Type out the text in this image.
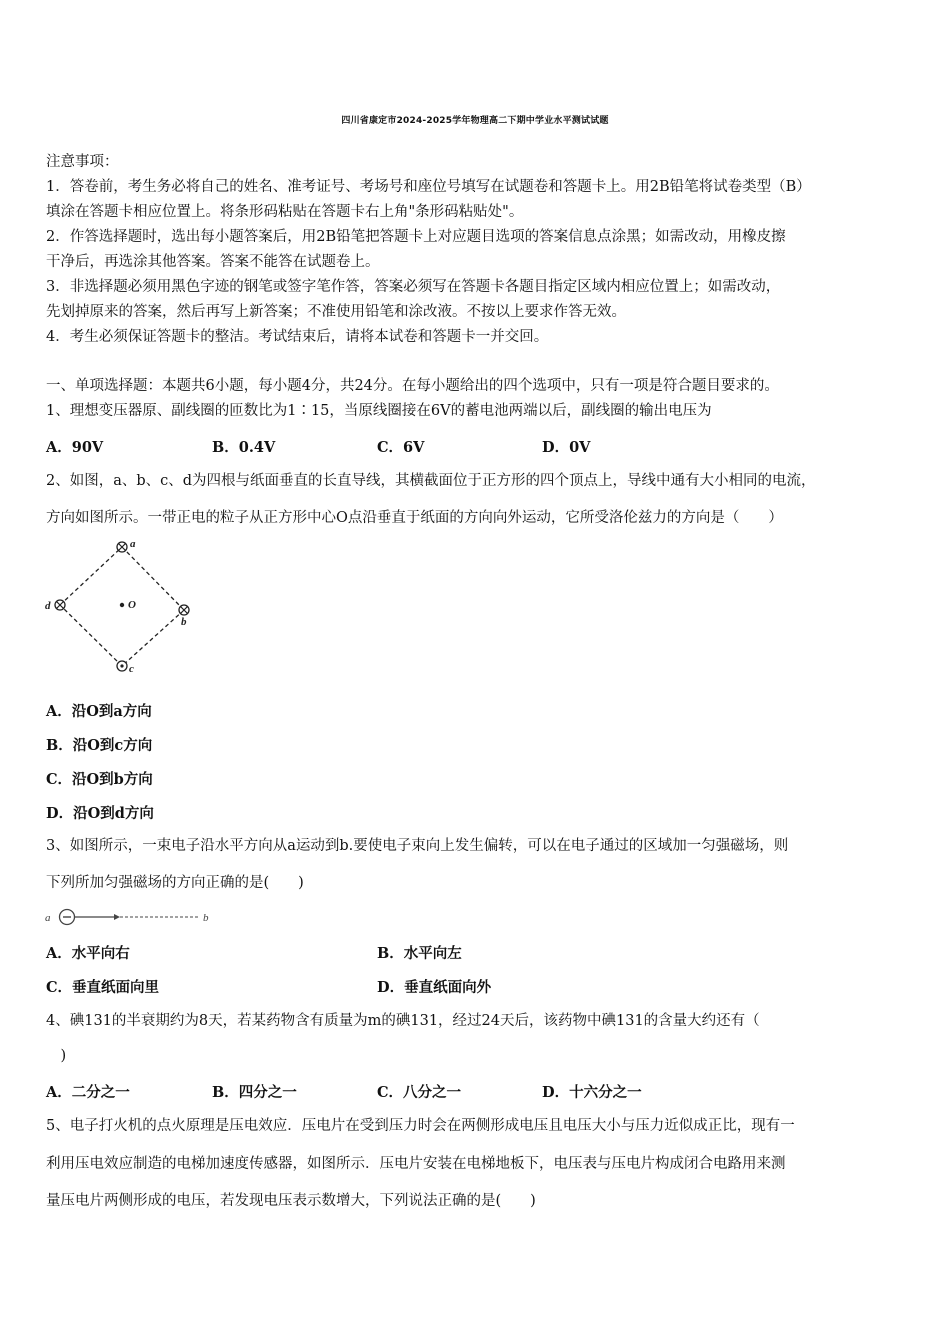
四川省康定市2024-2025学年物理高二下期中学业水平测试试题
注意事项：
1．答卷前，考生务必将自己的姓名、准考证号、考场号和座位号填写在试题卷和答题卡上。用2B铅笔将试卷类型（B）
填涂在答题卡相应位置上。将条形码粘贴在答题卡右上角"条形码粘贴处"。
2．作答选择题时，选出每小题答案后，用2B铅笔把答题卡上对应题目选项的答案信息点涂黑；如需改动，用橡皮擦
干净后，再选涂其他答案。答案不能答在试题卷上。
3．非选择题必须用黑色字迹的钢笔或签字笔作答，答案必须写在答题卡各题目指定区域内相应位置上；如需改动，
先划掉原来的答案，然后再写上新答案；不准使用铅笔和涂改液。不按以上要求作答无效。
4．考生必须保证答题卡的整洁。考试结束后，请将本试卷和答题卡一并交回。
一、单项选择题：本题共6小题，每小题4分，共24分。在每小题给出的四个选项中，只有一项是符合题目要求的。
1、理想变压器原、副线圈的匝数比为1∶15，当原线圈接在6V的蓄电池两端以后，副线圈的输出电压为
A．90V	B．0.4V	C．6V	D．0V
2、如图，a、b、c、d为四根与纸面垂直的长直导线，其横截面位于正方形的四个顶点上，导线中通有大小相同的电流，
方向如图所示。一带正电的粒子从正方形中心O点沿垂直于纸面的方向向外运动，它所受洛伦兹力的方向是（　　）
a
b
c
d	O
A．沿O到a方向
B．沿O到c方向
C．沿O到b方向
D．沿O到d方向
3、如图所示，一束电子沿水平方向从a运动到b.要使电子束向上发生偏转，可以在电子通过的区域加一匀强磁场，则
下列所加匀强磁场的方向正确的是(　　)
a	b
A．水平向右	B．水平向左
C．垂直纸面向里	D．垂直纸面向外
4、碘131的半衰期约为8天，若某药物含有质量为m的碘131，经过24天后，该药物中碘131的含量大约还有（
　)
A．二分之一	B．四分之一	C．八分之一	D．十六分之一
5、电子打火机的点火原理是压电效应．压电片在受到压力时会在两侧形成电压且电压大小与压力近似成正比，现有一
利用压电效应制造的电梯加速度传感器，如图所示．压电片安装在电梯地板下，电压表与压电片构成闭合电路用来测
量压电片两侧形成的电压，若发现电压表示数增大，下列说法正确的是(　　)
